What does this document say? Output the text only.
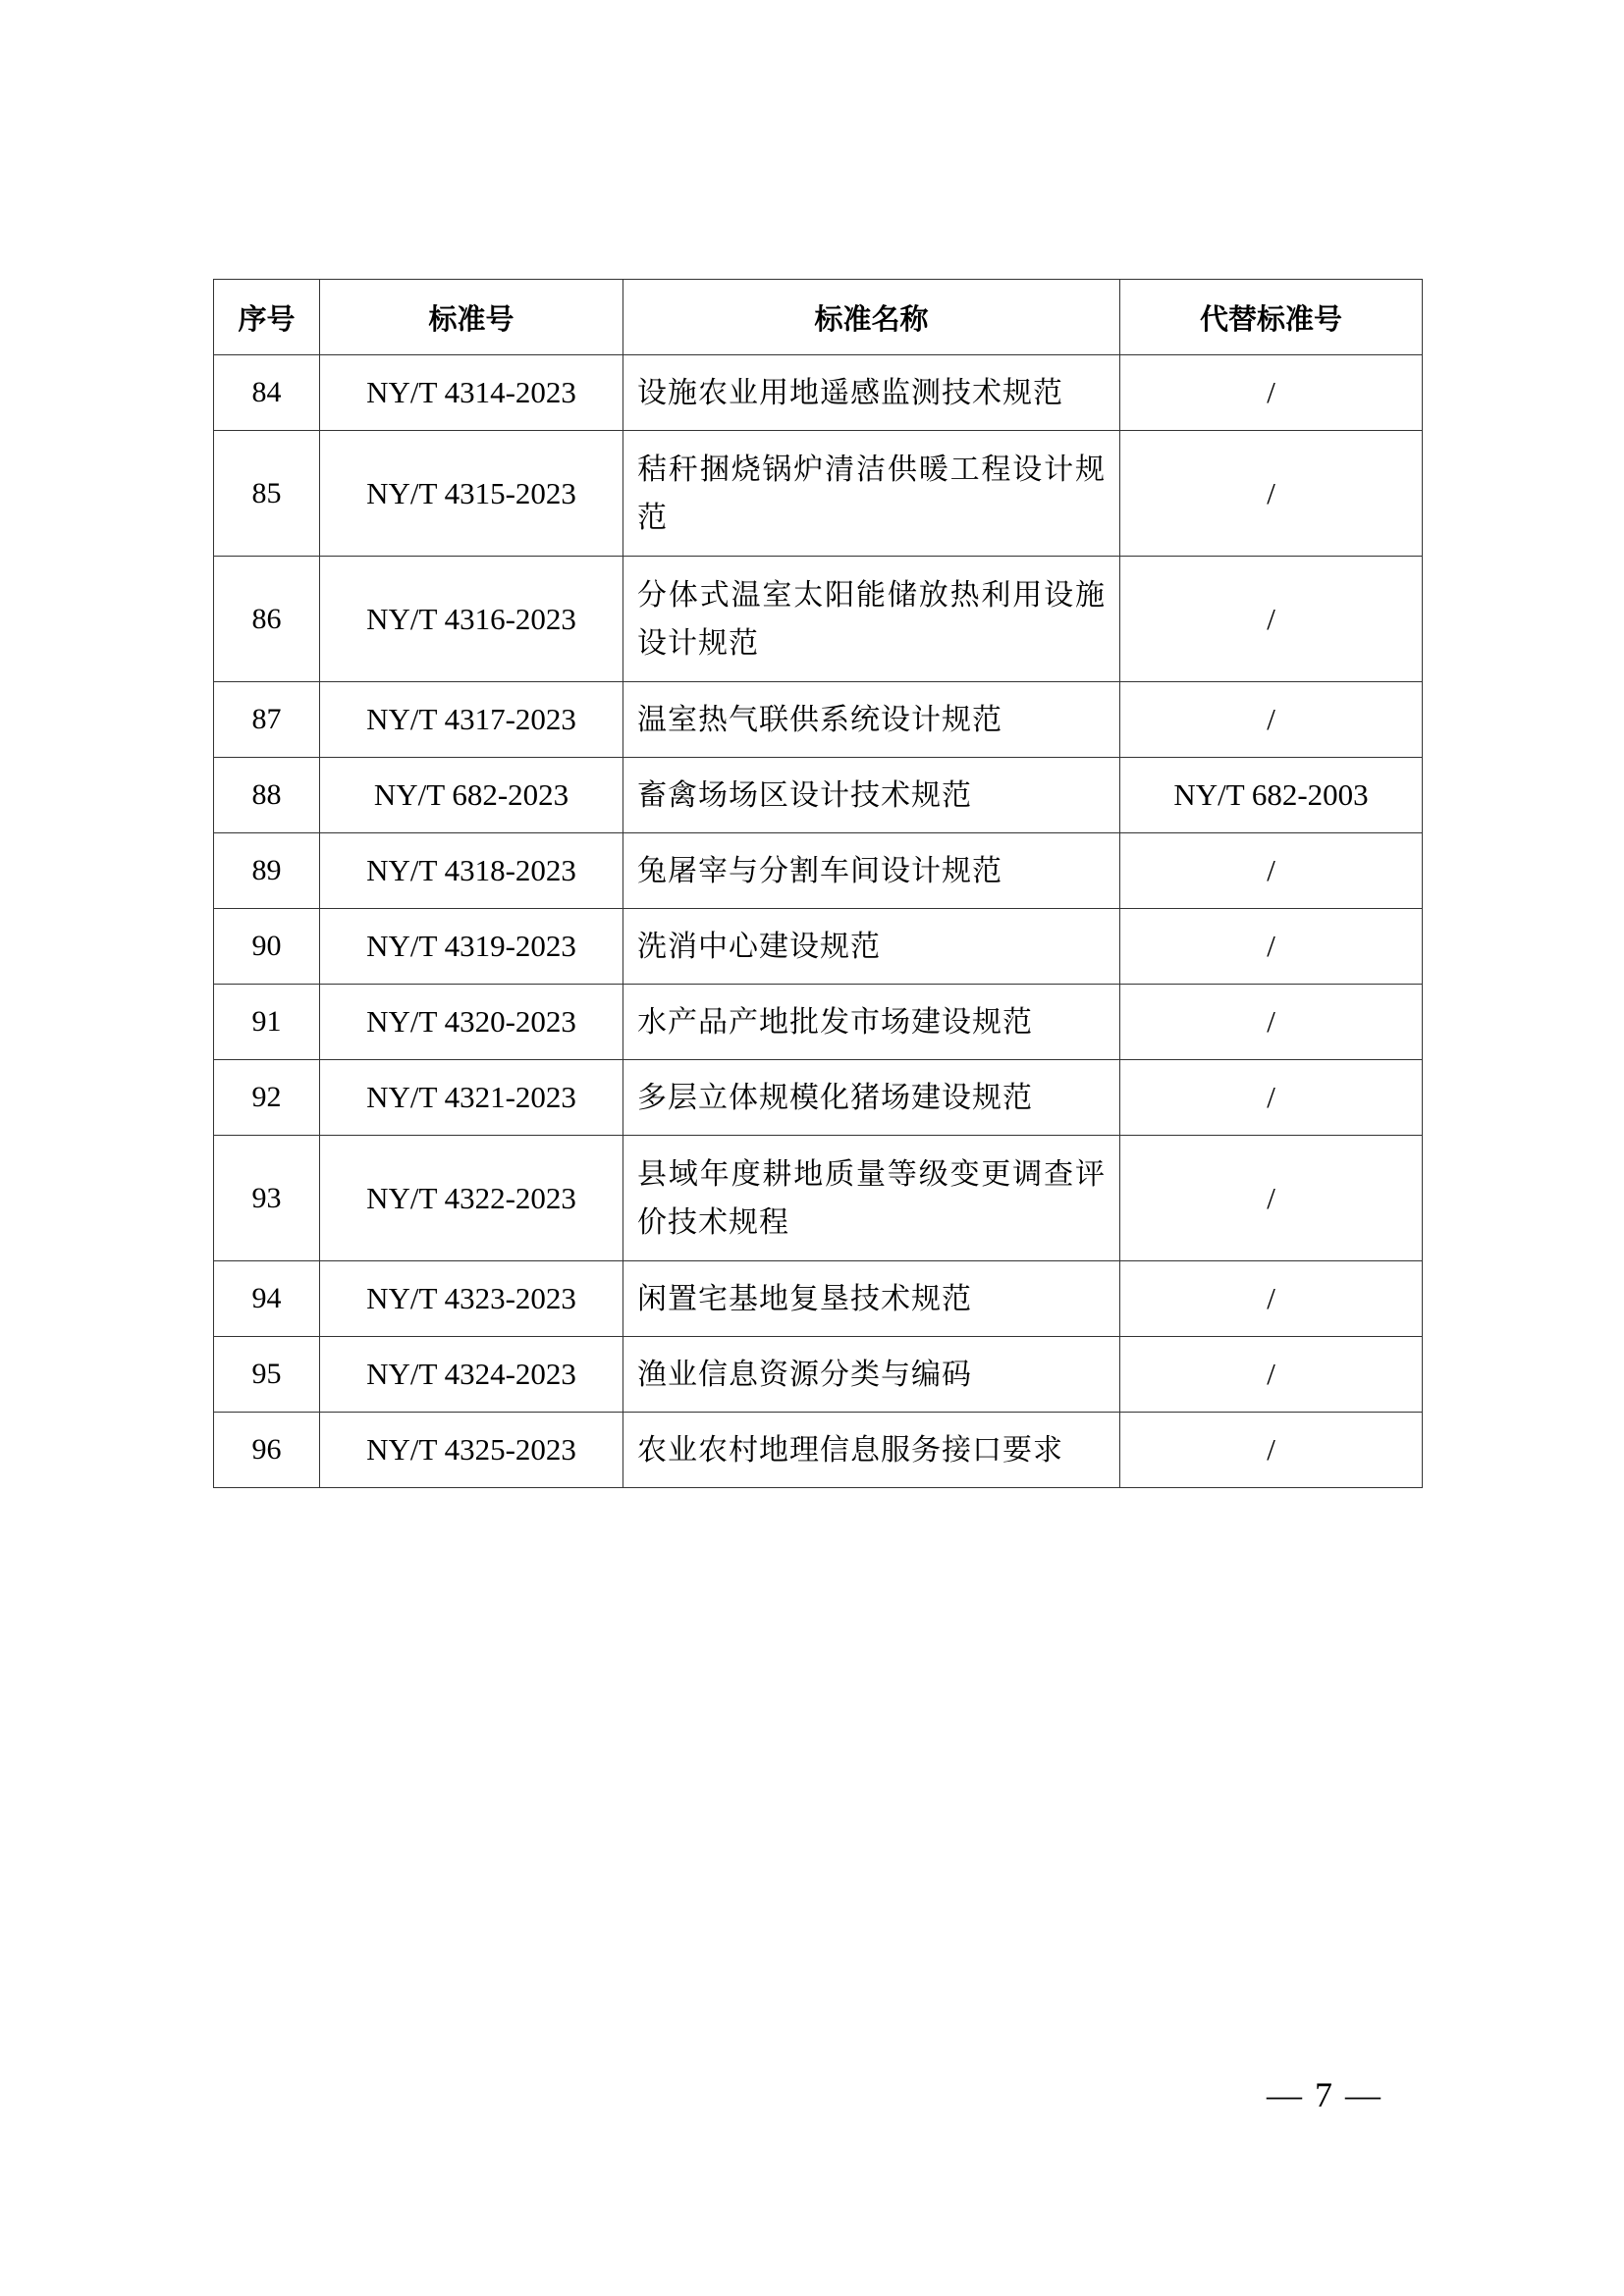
序号	标准号	标准名称	代替标准号
84	NY/T 4314-2023	设施农业用地遥感监测技术规范	/
85	NY/T 4315-2023	秸秆捆烧锅炉清洁供暖工程设计规范	/
86	NY/T 4316-2023	分体式温室太阳能储放热利用设施设计规范	/
87	NY/T 4317-2023	温室热气联供系统设计规范	/
88	NY/T 682-2023	畜禽场场区设计技术规范	NY/T 682-2003
89	NY/T 4318-2023	兔屠宰与分割车间设计规范	/
90	NY/T 4319-2023	洗消中心建设规范	/
91	NY/T 4320-2023	水产品产地批发市场建设规范	/
92	NY/T 4321-2023	多层立体规模化猪场建设规范	/
93	NY/T 4322-2023	县域年度耕地质量等级变更调查评价技术规程	/
94	NY/T 4323-2023	闲置宅基地复垦技术规范	/
95	NY/T 4324-2023	渔业信息资源分类与编码	/
96	NY/T 4325-2023	农业农村地理信息服务接口要求	/
— 7 —
